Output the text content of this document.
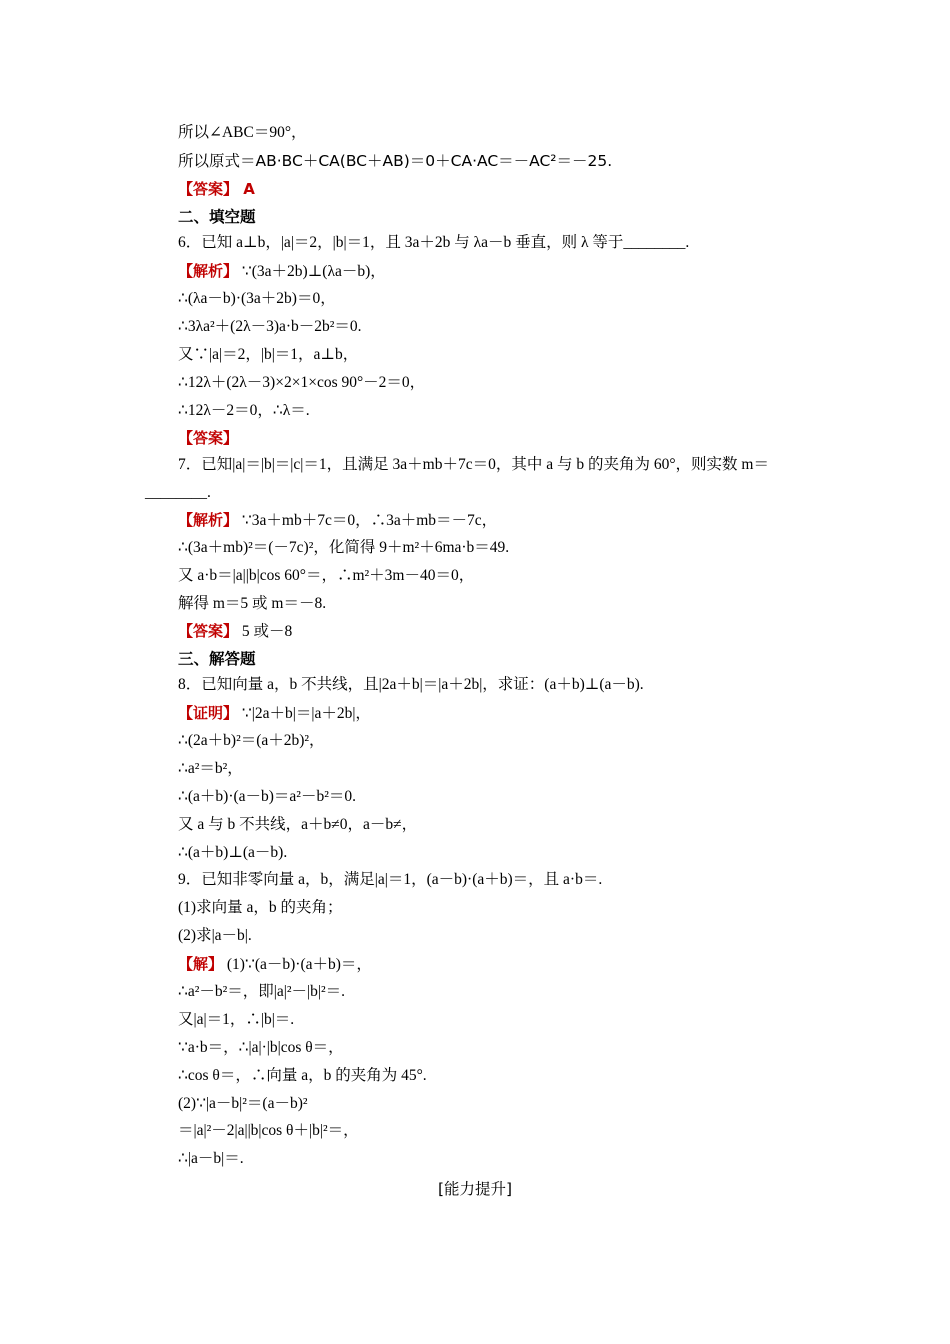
所以∠ABC＝90°，
所以原式＝AB·BC＋CA(BC＋AB)＝0＋CA·AC＝－AC²＝－25.
【答案】 A
二、填空题
6．已知 a⊥b，|a|＝2，|b|＝1，且 3a＋2b 与 λa－b 垂直，则 λ 等于________.
【解析】 ∵(3a＋2b)⊥(λa－b)，
∴(λa－b)·(3a＋2b)＝0，
∴3λa²＋(2λ－3)a·b－2b²＝0.
又∵|a|＝2，|b|＝1，a⊥b，
∴12λ＋(2λ－3)×2×1×cos 90°－2＝0，
∴12λ－2＝0，∴λ＝.
【答案】
7．已知|a|＝|b|＝|c|＝1，且满足 3a＋mb＋7c＝0，其中 a 与 b 的夹角为 60°，则实数 m＝
________.
【解析】 ∵3a＋mb＋7c＝0，∴3a＋mb＝－7c，
∴(3a＋mb)²＝(－7c)²，化简得 9＋m²＋6ma·b＝49.
又 a·b＝|a||b|cos 60°＝，∴m²＋3m－40＝0，
解得 m＝5 或 m＝－8.
【答案】 5 或－8
三、解答题
8．已知向量 a，b 不共线，且|2a＋b|＝|a＋2b|，求证：(a＋b)⊥(a－b).
【证明】 ∵|2a＋b|＝|a＋2b|，
∴(2a＋b)²＝(a＋2b)²，
∴a²＝b²，
∴(a＋b)·(a－b)＝a²－b²＝0.
又 a 与 b 不共线，a＋b≠0，a－b≠，
∴(a＋b)⊥(a－b).
9．已知非零向量 a，b，满足|a|＝1，(a－b)·(a＋b)＝，且 a·b＝.
(1)求向量 a，b 的夹角；
(2)求|a－b|.
【解】 (1)∵(a－b)·(a＋b)＝，
∴a²－b²＝，即|a|²－|b|²＝.
又|a|＝1，∴|b|＝.
∵a·b＝，∴|a|·|b|cos θ＝，
∴cos θ＝，∴向量 a，b 的夹角为 45°.
(2)∵|a－b|²＝(a－b)²
＝|a|²－2|a||b|cos θ＋|b|²＝，
∴|a－b|＝.
[能力提升]
